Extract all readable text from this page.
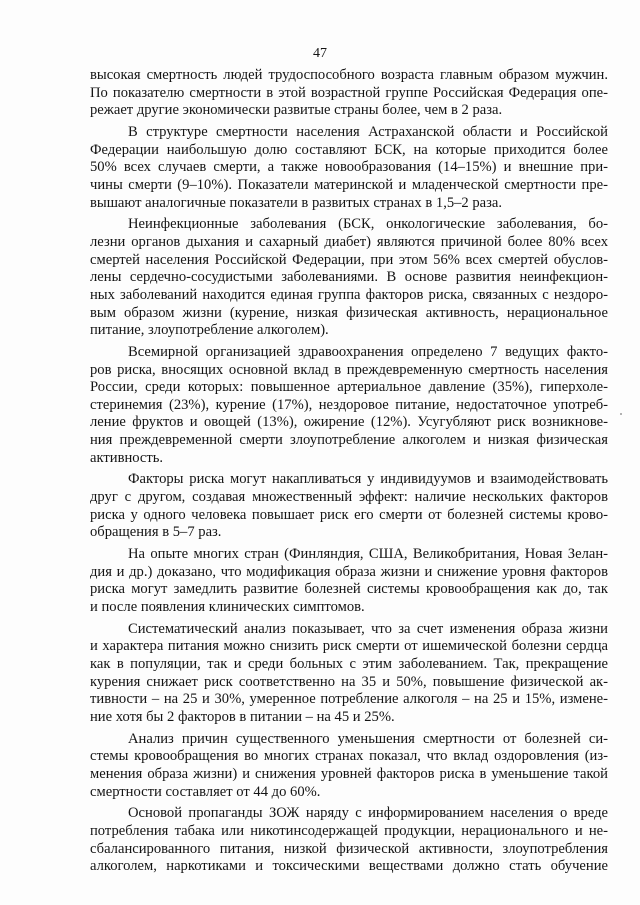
47

высокая смертность людей трудоспособного возраста главным образом мужчин.
По показателю смертности в этой возрастной группе Российская Федерация опе-
режает другие экономически развитые страны более, чем в 2 раза.

В структуре смертности населения Астраханской области и Российской
Федерации наибольшую долю составляют БСК, на которые приходится более
50% всех случаев смерти, а также новообразования (14–15%) и внешние при-
чины смерти (9–10%). Показатели материнской и младенческой смертности пре-
вышают аналогичные показатели в развитых странах в 1,5–2 раза.

Неинфекционные заболевания (БСК, онкологические заболевания, бо-
лезни органов дыхания и сахарный диабет) являются причиной более 80% всех
смертей населения Российской Федерации, при этом 56% всех смертей обуслов-
лены сердечно-сосудистыми заболеваниями. В основе развития неинфекцион-
ных заболеваний находится единая группа факторов риска, связанных с нездоро-
вым образом жизни (курение, низкая физическая активность, нерациональное
питание, злоупотребление алкоголем).

Всемирной организацией здравоохранения определено 7 ведущих факто-
ров риска, вносящих основной вклад в преждевременную смертность населения
России, среди которых: повышенное артериальное давление (35%), гиперхоле-
стеринемия (23%), курение (17%), нездоровое питание, недостаточное употреб-
ление фруктов и овощей (13%), ожирение (12%). Усугубляют риск возникнове-
ния преждевременной смерти злоупотребление алкоголем и низкая физическая
активность.

Факторы риска могут накапливаться у индивидуумов и взаимодействовать
друг с другом, создавая множественный эффект: наличие нескольких факторов
риска у одного человека повышает риск его смерти от болезней системы крово-
обращения в 5–7 раз.

На опыте многих стран (Финляндия, США, Великобритания, Новая Зелан-
дия и др.) доказано, что модификация образа жизни и снижение уровня факторов
риска могут замедлить развитие болезней системы кровообращения как до, так
и после появления клинических симптомов.

Систематический анализ показывает, что за счет изменения образа жизни
и характера питания можно снизить риск смерти от ишемической болезни сердца
как в популяции, так и среди больных с этим заболеванием. Так, прекращение
курения снижает риск соответственно на 35 и 50%, повышение физической ак-
тивности – на 25 и 30%, умеренное потребление алкоголя – на 25 и 15%, измене-
ние хотя бы 2 факторов в питании – на 45 и 25%.

Анализ причин существенного уменьшения смертности от болезней си-
стемы кровообращения во многих странах показал, что вклад оздоровления (из-
менения образа жизни) и снижения уровней факторов риска в уменьшение такой
смертности составляет от 44 до 60%.

Основой пропаганды ЗОЖ наряду с информированием населения о вреде
потребления табака или никотинсодержащей продукции, нерационального и не-
сбалансированного питания, низкой физической активности, злоупотребления
алкоголем, наркотиками и токсическими веществами должно стать обучение
